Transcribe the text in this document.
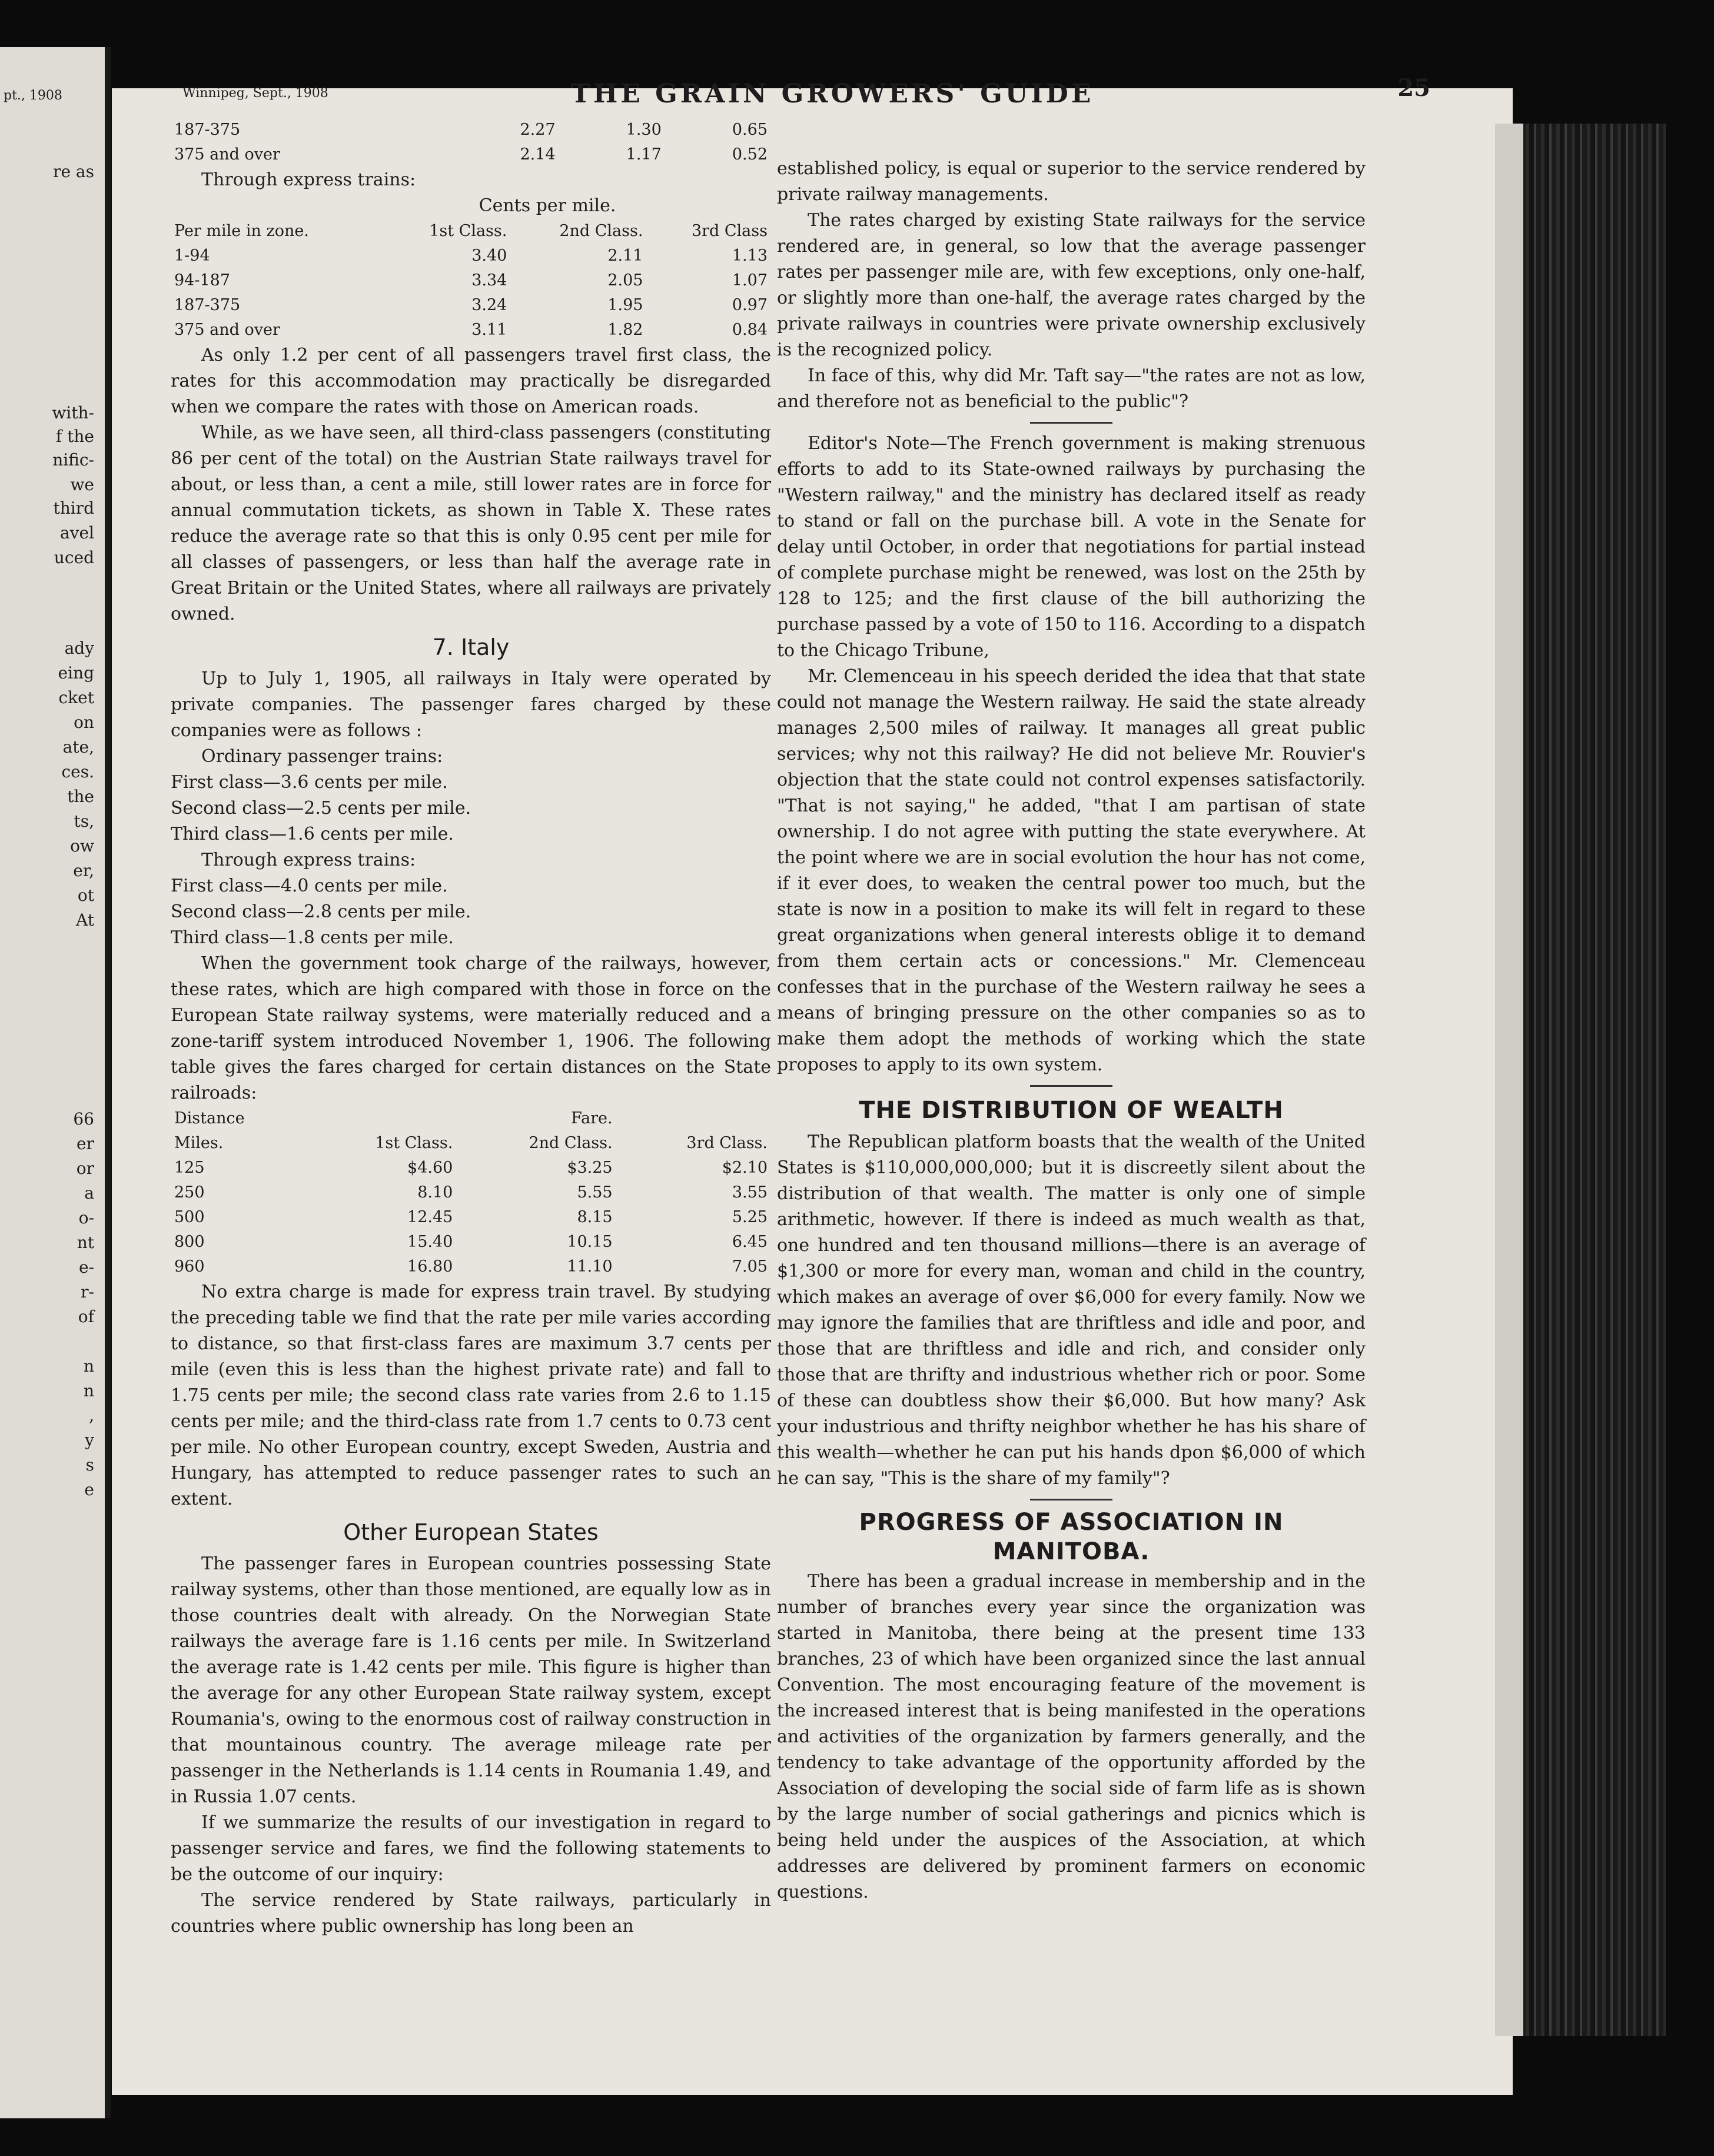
pt., 1908
re as
with-
f the
nific-
we
third
avel
uced
ady
eing
cket
on
ate,
ces.
the
ts,
ow
er,
ot
At
66
er
or
a
o-
nt
e-
r-
of
n
n
,
y
s
e
Winnipeg, Sept., 1908	THE GRAIN GROWERS' GUIDE	25
187-375	2.27	1.30	0.65
375 and over	2.14	1.17	0.52
Through express trains:
Cents per mile.
Per mile in zone.	1st Class.	2nd Class.	3rd Class
1-94	3.40	2.11	1.13
94-187	3.34	2.05	1.07
187-375	3.24	1.95	0.97
375 and over	3.11	1.82	0.84

As only 1.2 per cent of all passengers travel first class, the rates for this accommodation may practically be disregarded when we compare the rates with those on American roads.

While, as we have seen, all third-class passengers (constituting 86 per cent of the total) on the Austrian State railways travel for about, or less than, a cent a mile, still lower rates are in force for annual commutation tickets, as shown in Table X. These rates reduce the average rate so that this is only 0.95 cent per mile for all classes of passengers, or less than half the average rate in Great Britain or the United States, where all railways are privately owned.

7. Italy

Up to July 1, 1905, all railways in Italy were operated by private companies. The passenger fares charged by these companies were as follows :

Ordinary passenger trains:
First class—3.6 cents per mile.
Second class—2.5 cents per mile.
Third class—1.6 cents per mile.
Through express trains:
First class—4.0 cents per mile.
Second class—2.8 cents per mile.
Third class—1.8 cents per mile.

When the government took charge of the railways, however, these rates, which are high compared with those in force on the European State railway systems, were materially reduced and a zone-tariff system introduced November 1, 1906. The following table gives the fares charged for certain distances on the State railroads:

Distance		Fare.	
Miles.	1st Class.	2nd Class.	3rd Class.
125	$4.60	$3.25	$2.10
250	8.10	5.55	3.55
500	12.45	8.15	5.25
800	15.40	10.15	6.45
960	16.80	11.10	7.05

No extra charge is made for express train travel. By studying the preceding table we find that the rate per mile varies according to distance, so that first-class fares are maximum 3.7 cents per mile (even this is less than the highest private rate) and fall to 1.75 cents per mile; the second class rate varies from 2.6 to 1.15 cents per mile; and the third-class rate from 1.7 cents to 0.73 cent per mile. No other European country, except Sweden, Austria and Hungary, has attempted to reduce passenger rates to such an extent.

Other European States

The passenger fares in European countries possessing State railway systems, other than those mentioned, are equally low as in those countries dealt with already. On the Norwegian State railways the average fare is 1.16 cents per mile. In Switzerland the average rate is 1.42 cents per mile. This figure is higher than the average for any other European State railway system, except Roumania's, owing to the enormous cost of railway construction in that mountainous country. The average mileage rate per passenger in the Netherlands is 1.14 cents in Roumania 1.49, and in Russia 1.07 cents.

If we summarize the results of our investigation in regard to passenger service and fares, we find the following statements to be the outcome of our inquiry:

The service rendered by State railways, particularly in countries where public ownership has long been an

established policy, is equal or superior to the service rendered by private railway managements.

The rates charged by existing State railways for the service rendered are, in general, so low that the average passenger rates per passenger mile are, with few exceptions, only one-half, or slightly more than one-half, the average rates charged by the private railways in countries were private ownership exclusively is the recognized policy.

In face of this, why did Mr. Taft say—"the rates are not as low, and therefore not as beneficial to the public"?

Editor's Note—The French government is making strenuous efforts to add to its State-owned railways by purchasing the "Western railway," and the ministry has declared itself as ready to stand or fall on the purchase bill. A vote in the Senate for delay until October, in order that negotiations for partial instead of complete purchase might be renewed, was lost on the 25th by 128 to 125; and the first clause of the bill authorizing the purchase passed by a vote of 150 to 116. According to a dispatch to the Chicago Tribune,

Mr. Clemenceau in his speech derided the idea that that state could not manage the Western railway. He said the state already manages 2,500 miles of railway. It manages all great public services; why not this railway? He did not believe Mr. Rouvier's objection that the state could not control expenses satisfactorily. "That is not saying," he added, "that I am partisan of state ownership. I do not agree with putting the state everywhere. At the point where we are in social evolution the hour has not come, if it ever does, to weaken the central power too much, but the state is now in a position to make its will felt in regard to these great organizations when general interests oblige it to demand from them certain acts or concessions." Mr. Clemenceau confesses that in the purchase of the Western railway he sees a means of bringing pressure on the other companies so as to make them adopt the methods of working which the state proposes to apply to its own system.

THE DISTRIBUTION OF WEALTH

The Republican platform boasts that the wealth of the United States is $110,000,000,000; but it is discreetly silent about the distribution of that wealth. The matter is only one of simple arithmetic, however. If there is indeed as much wealth as that, one hundred and ten thousand millions—there is an average of $1,300 or more for every man, woman and child in the country, which makes an average of over $6,000 for every family. Now we may ignore the families that are thriftless and idle and poor, and those that are thriftless and idle and rich, and consider only those that are thrifty and industrious whether rich or poor. Some of these can doubtless show their $6,000. But how many? Ask your industrious and thrifty neighbor whether he has his share of this wealth—whether he can put his hands dpon $6,000 of which he can say, "This is the share of my family"?

PROGRESS OF ASSOCIATION IN
MANITOBA.

There has been a gradual increase in membership and in the number of branches every year since the organization was started in Manitoba, there being at the present time 133 branches, 23 of which have been organized since the last annual Convention. The most encouraging feature of the movement is the increased interest that is being manifested in the operations and activities of the organization by farmers generally, and the tendency to take advantage of the opportunity afforded by the Association of developing the social side of farm life as is shown by the large number of social gatherings and picnics which is being held under the auspices of the Association, at which addresses are delivered by prominent farmers on economic questions.
